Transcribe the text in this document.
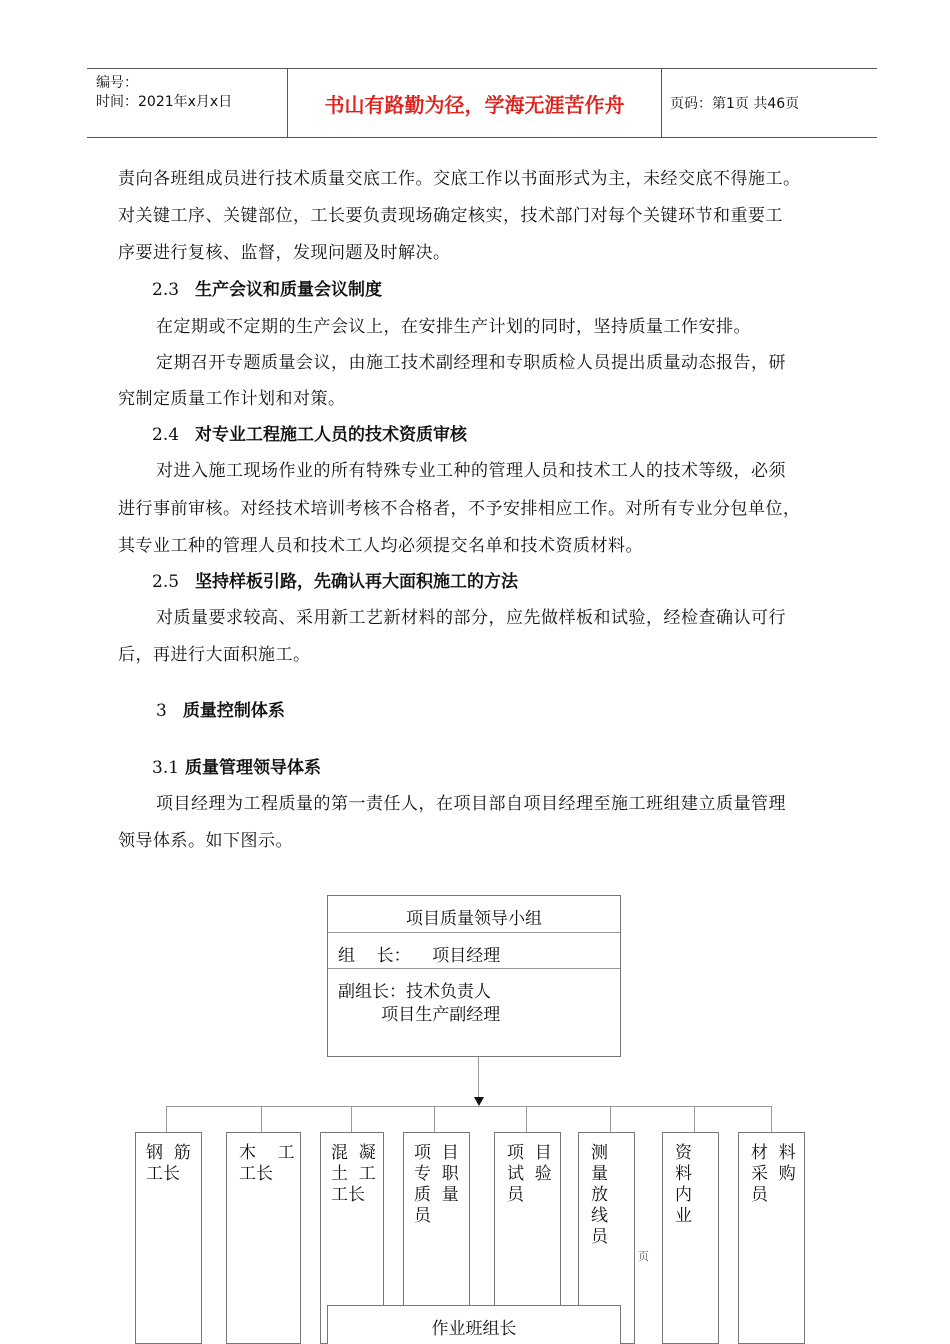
编号：
时间：2021年x月x日	书山有路勤为径，学海无涯苦作舟	页码：第1页 共46页
责向各班组成员进行技术质量交底工作。交底工作以书面形式为主，未经交底不得施工。
对关键工序、关键部位，工长要负责现场确定核实，技术部门对每个关键环节和重要工
序要进行复核、监督，发现问题及时解决。
2.3 生产会议和质量会议制度
在定期或不定期的生产会议上，在安排生产计划的同时，坚持质量工作安排。
定期召开专题质量会议，由施工技术副经理和专职质检人员提出质量动态报告，研
究制定质量工作计划和对策。
2.4 对专业工程施工人员的技术资质审核
对进入施工现场作业的所有特殊专业工种的管理人员和技术工人的技术等级，必须
进行事前审核。对经技术培训考核不合格者，不予安排相应工作。对所有专业分包单位，
其专业工种的管理人员和技术工人均必须提交名单和技术资质材料。
2.5 坚持样板引路，先确认再大面积施工的方法
对质量要求较高、采用新工艺新材料的部分，应先做样板和试验，经检查确认可行
后，再进行大面积施工。
3 质量控制体系
3.1 质量管理领导体系
项目经理为工程质量的第一责任人，在项目部自项目经理至施工班组建立质量管理
领导体系。如下图示。
项目质量领导小组
组    长：    项目经理
副组长：技术负责人
项目生产副经理
钢  筋
工长
木    工
工长
混  凝
土  工
工长
项  目
专  职
质  量
员
项  目
试  验
员
测
量
放
线
员
资
料
内
业
材  料
采  购
员
页
作业班组长
